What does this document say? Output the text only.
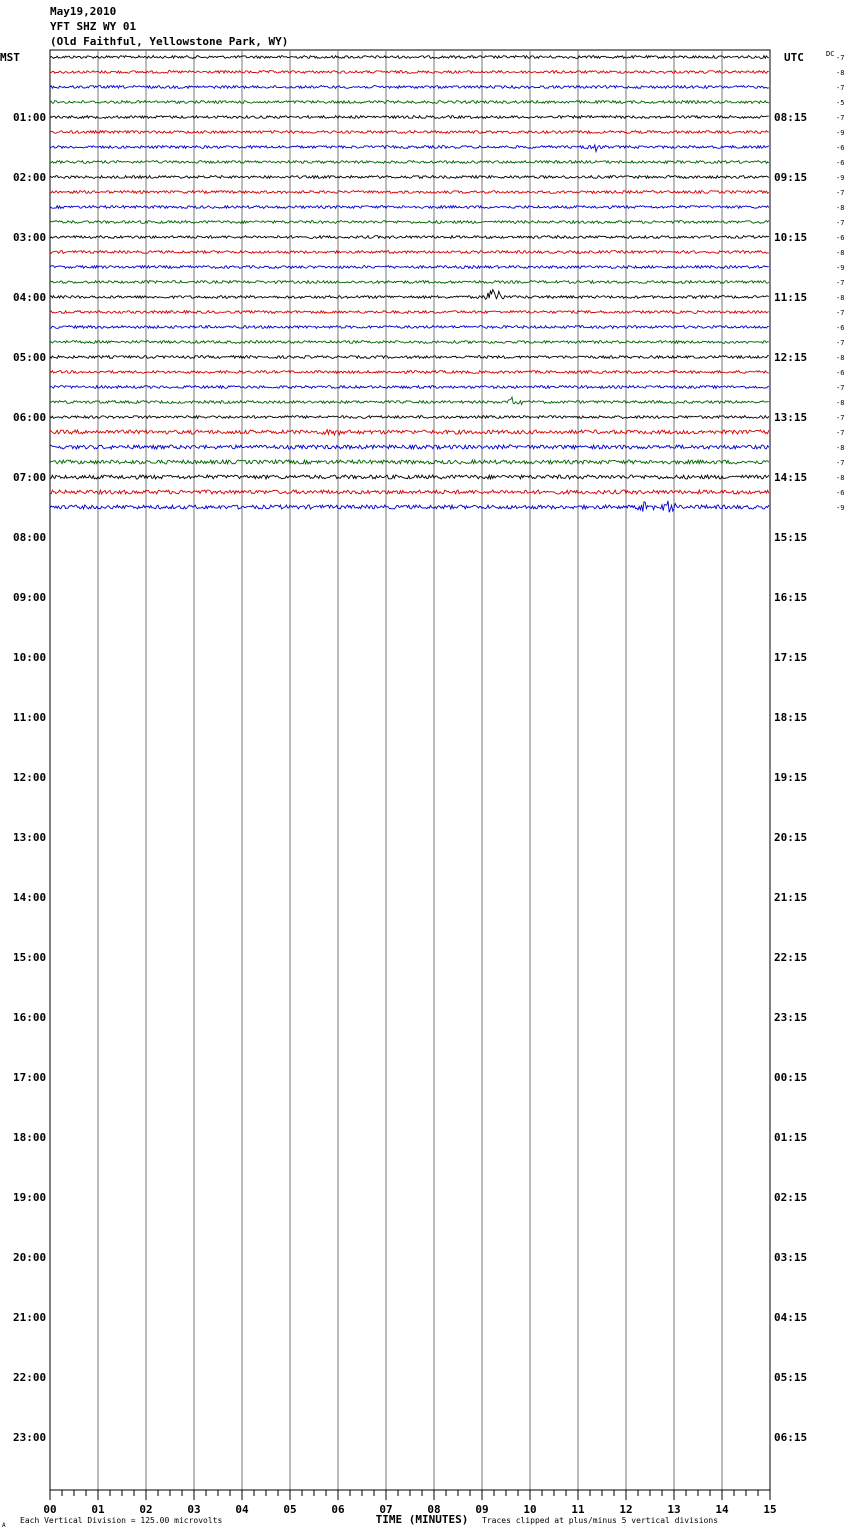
May19,2010
YFT SHZ WY 01
(Old Faithful, Yellowstone Park, WY)
00	01	02	03	04	05	06	07	08	09	10	11	12	13	14	15
TIME (MINUTES)
Each Vertical Division = 125.00 microvolts	Traces clipped at plus/minus 5 vertical divisions
A
MST	UTC	DC
01:00
02:00
03:00
04:00
05:00
06:00
07:00
08:00
09:00
10:00
11:00
12:00
13:00
14:00
15:00
16:00
17:00
18:00
19:00
20:00
21:00
22:00
23:00
08:15
09:15
10:15
11:15
12:15
13:15
14:15
15:15
16:15
17:15
18:15
19:15
20:15
21:15
22:15
23:15
00:15
01:15
02:15
03:15
04:15
05:15
06:15
-7
-8
-7
-5
-7
-9
-6
-6
-9
-7
-8
-7
-6
-8
-9
-7
-8
-7
-6
-7
-8
-6
-7
-8
-7
-7
-8
-7
-8
-6
-9
